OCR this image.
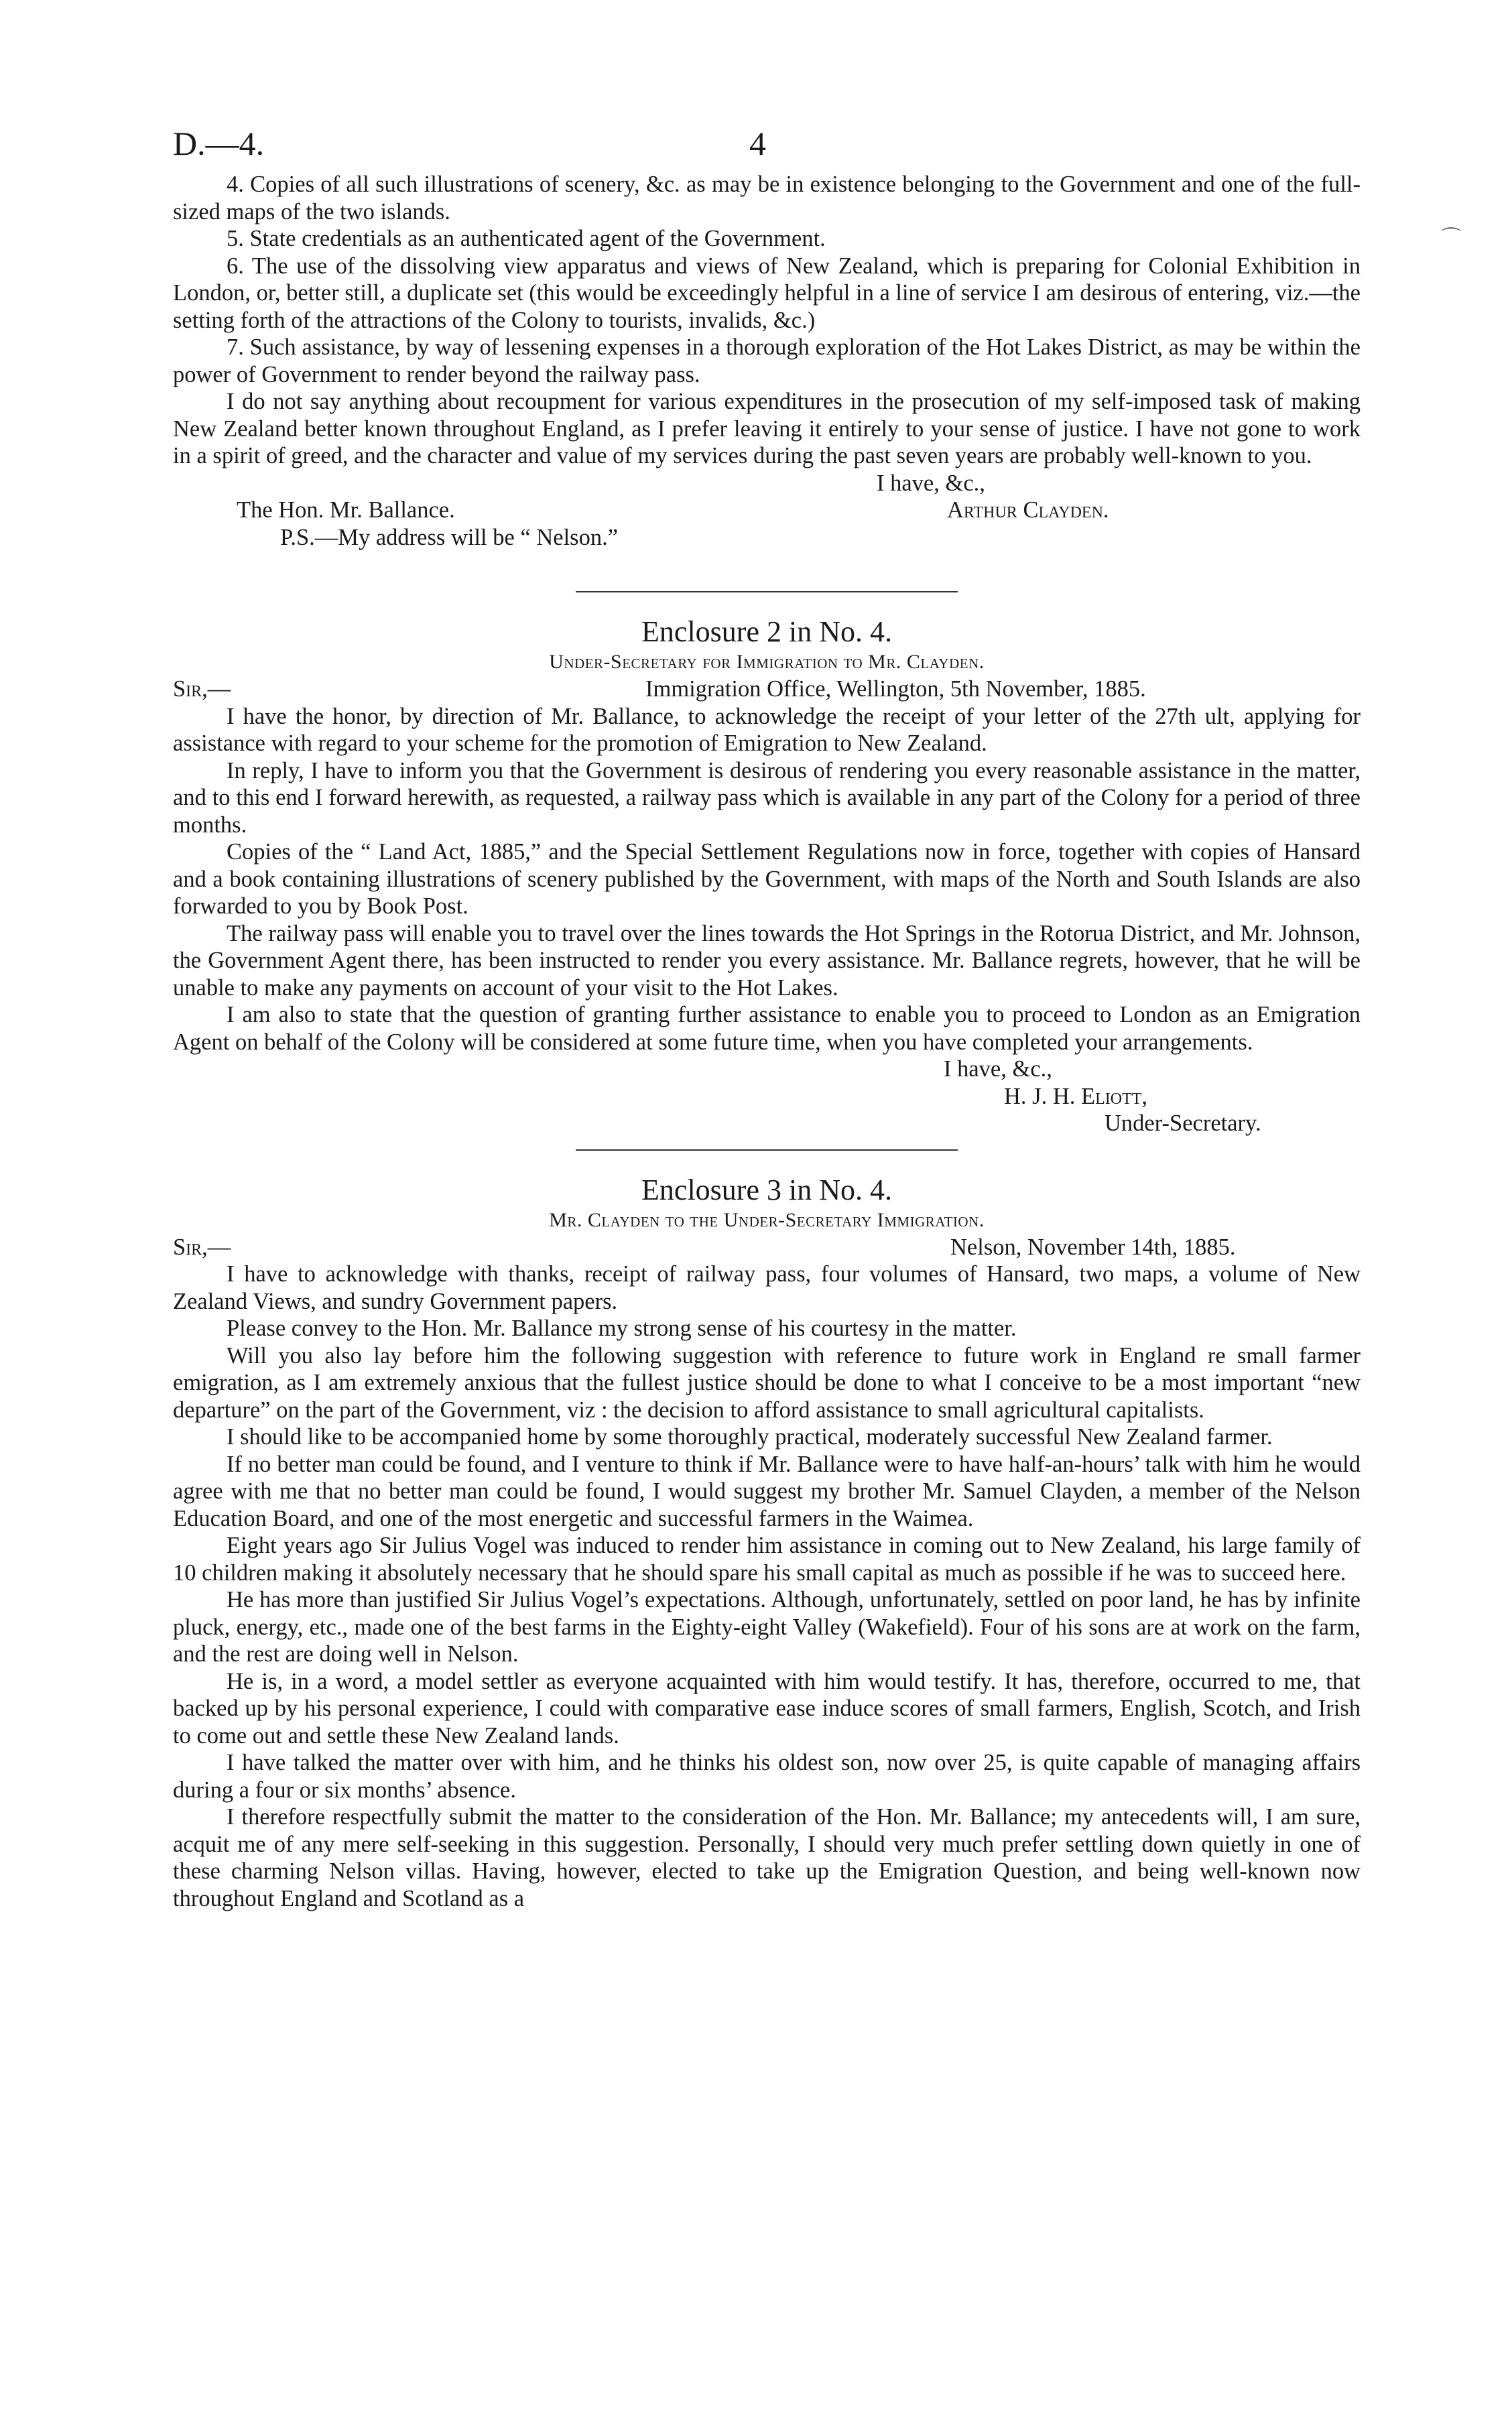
D.—4.	4

4. Copies of all such illustrations of scenery, &c. as may be in existence belonging to the Government and one of the full-sized maps of the two islands.

5. State credentials as an authenticated agent of the Government.

6. The use of the dissolving view apparatus and views of New Zealand, which is preparing for Colonial Exhibition in London, or, better still, a duplicate set (this would be exceedingly helpful in a line of service I am desirous of entering, viz.—the setting forth of the attractions of the Colony to tourists, invalids, &c.)

7. Such assistance, by way of lessening expenses in a thorough exploration of the Hot Lakes District, as may be within the power of Government to render beyond the railway pass.

I do not say anything about recoupment for various expenditures in the prosecution of my self-imposed task of making New Zealand better known throughout England, as I prefer leaving it entirely to your sense of justice. I have not gone to work in a spirit of greed, and the character and value of my services during the past seven years are probably well-known to you.

I have, &c.,
The Hon. Mr. Ballance.	Arthur Clayden.
P.S.—My address will be “ Nelson.”
Enclosure 2 in No. 4.
Under-Secretary for Immigration to Mr. Clayden.
Sir,—	Immigration Office, Wellington, 5th November, 1885.

I have the honor, by direction of Mr. Ballance, to acknowledge the receipt of your letter of the 27th ult, applying for assistance with regard to your scheme for the promotion of Emigration to New Zealand.

In reply, I have to inform you that the Government is desirous of rendering you every reasonable assistance in the matter, and to this end I forward herewith, as requested, a railway pass which is available in any part of the Colony for a period of three months.

Copies of the “ Land Act, 1885,” and the Special Settlement Regulations now in force, together with copies of Hansard and a book containing illustrations of scenery published by the Government, with maps of the North and South Islands are also forwarded to you by Book Post.

The railway pass will enable you to travel over the lines towards the Hot Springs in the Rotorua District, and Mr. Johnson, the Government Agent there, has been instructed to render you every assistance. Mr. Ballance regrets, however, that he will be unable to make any payments on account of your visit to the Hot Lakes.

I am also to state that the question of granting further assistance to enable you to proceed to London as an Emigration Agent on behalf of the Colony will be considered at some future time, when you have completed your arrangements.

I have, &c.,
H. J. H. Eliott,
Under-Secretary.
Enclosure 3 in No. 4.
Mr. Clayden to the Under-Secretary Immigration.
Sir,—	Nelson, November 14th, 1885.

I have to acknowledge with thanks, receipt of railway pass, four volumes of Hansard, two maps, a volume of New Zealand Views, and sundry Government papers.

Please convey to the Hon. Mr. Ballance my strong sense of his courtesy in the matter.

Will you also lay before him the following suggestion with reference to future work in England re small farmer emigration, as I am extremely anxious that the fullest justice should be done to what I conceive to be a most important “new departure” on the part of the Government, viz : the decision to afford assistance to small agricultural capitalists.

I should like to be accompanied home by some thoroughly practical, moderately successful New Zealand farmer.

If no better man could be found, and I venture to think if Mr. Ballance were to have half-an-hours’ talk with him he would agree with me that no better man could be found, I would suggest my brother Mr. Samuel Clayden, a member of the Nelson Education Board, and one of the most energetic and successful farmers in the Waimea.

Eight years ago Sir Julius Vogel was induced to render him assistance in coming out to New Zealand, his large family of 10 children making it absolutely necessary that he should spare his small capital as much as possible if he was to succeed here.

He has more than justified Sir Julius Vogel’s expectations. Although, unfortunately, settled on poor land, he has by infinite pluck, energy, etc., made one of the best farms in the Eighty-eight Valley (Wakefield). Four of his sons are at work on the farm, and the rest are doing well in Nelson.

He is, in a word, a model settler as everyone acquainted with him would testify. It has, therefore, occurred to me, that backed up by his personal experience, I could with comparative ease induce scores of small farmers, English, Scotch, and Irish to come out and settle these New Zealand lands.

I have talked the matter over with him, and he thinks his oldest son, now over 25, is quite capable of managing affairs during a four or six months’ absence.

I therefore respectfully submit the matter to the consideration of the Hon. Mr. Ballance; my antecedents will, I am sure, acquit me of any mere self-seeking in this suggestion. Personally, I should very much prefer settling down quietly in one of these charming Nelson villas. Having, however, elected to take up the Emigration Question, and being well-known now throughout England and Scotland as a

⌒
